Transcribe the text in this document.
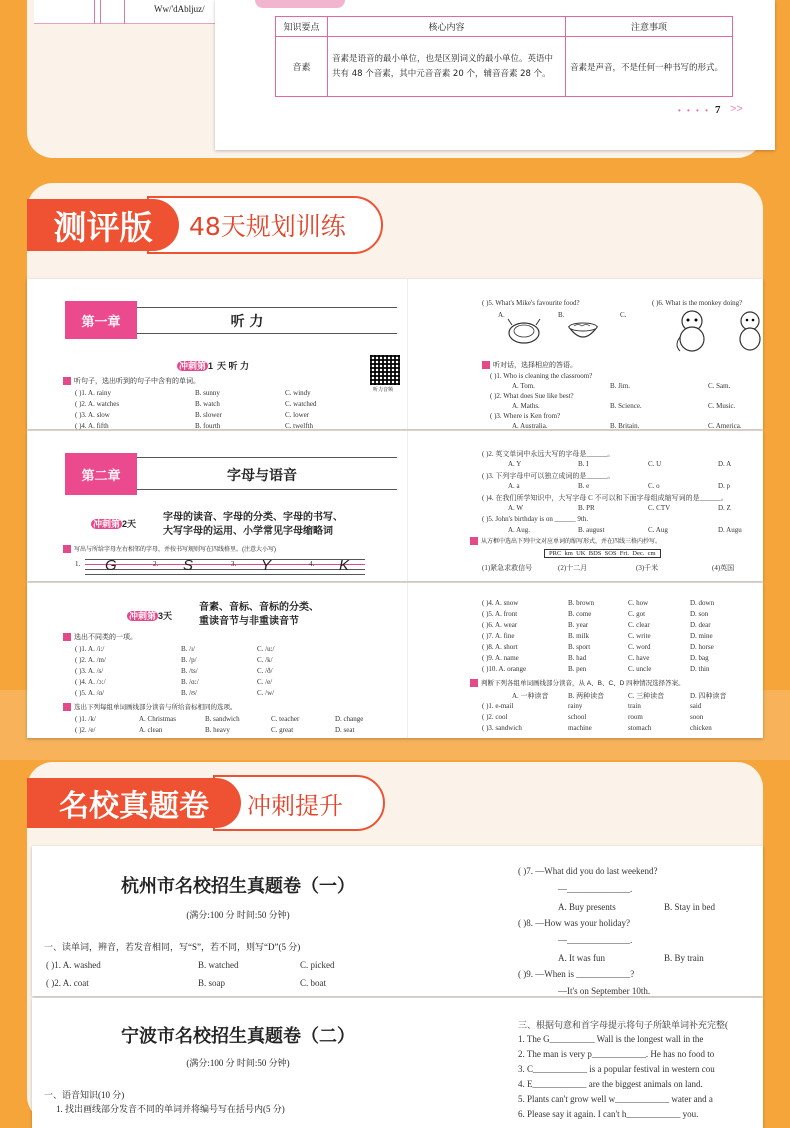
Ww/'dAbljuz/
知识要点	核心内容	注意事项
音素	音素是语音的最小单位，也是区别词义的最小单位。英语中共有 48 个音素，其中元音音素 20 个，辅音音素 28 个。	音素是声音，不是任何一种书写的形式。
• • • • 7 >>
测评版	48天规划训练
第一章	听 力
冲刺第 1 天 听 力
听力音频
听句子，选出听到的句子中含有的单词。
( )1. A. rainy	B. sunny	C. windy
( )2. A. watches	B. watch	C. watched
( )3. A. slow	B. slower	C. lower
( )4. A. fifth	B. fourth	C. twelfth
( )5. What's Mike's favourite food?	( )6. What is the monkey doing?
A.	B.	C.
听对话，选择相应的答语。
( )1. Who is cleaning the classroom?
A. Tom.	B. Jim.	C. Sam.
( )2. What does Sue like best?
A. Maths.	B. Science.	C. Music.
( )3. Where is Ken from?
A. Australia.	B. Britain.	C. America.
第二章	字母与语音
冲刺第 2天
字母的读音、字母的分类、字母的书写、
大写字母的运用、小学常见字母缩略词
写出与所给字母左右相邻的字母，并按书写规则写在四线格里。(注意大小写)
1. G	2. S	3. Y	4. K
( )2. 英文单词中永远大写的字母是______。
A. Y	B. I	C. U	D. A
( )3. 下列字母中可以独立成词的是______。
A. a	B. e	C. o	D. p
( )4. 在我们所学知识中，大写字母 C 不可以和下面字母组成缩写词的是______。
A. W	B. PR	C. CTV	D. Z
( )5. John's birthday is on ______ 9th.
A. Aug.	B. august	C. Aug	D. Augu
从方框中选出下列中文对应单词的缩写形式，并在四线三格内抄写。
PRC  km  UK  BDS  SOS  Fri.  Dec.  cm
(1)紧急求救信号	(2)十二月	(3)千米	(4)英国
冲刺第 3天
音素、音标、音标的分类、
重读音节与非重读音节
选出不同类的一项。
( )1. A. /i:/	B. /ɪ/	C. /u:/
( )2. A. /m/	B. /p/	C. /k/
( )3. A. /s/	B. /ts/	C. /ð/
( )4. A. /ɔ:/	B. /ɑ:/	C. /e/
( )5. A. /ɑ/	B. /ʊ/	C. /w/
选出下列每组单词画线部分读音与所给音标相同的选项。
( )1. /k/	A. Christmas	B. sandwich	C. teacher	D. change
( )2. /e/	A. clean	B. heavy	C. great	D. seat
( )4. A. snow	B. brown	C. how	D. down
( )5. A. front	B. come	C. got	D. son
( )6. A. wear	B. year	C. clear	D. dear
( )7. A. fine	B. milk	C. write	D. mine
( )8. A. short	B. sport	C. word	D. horse
( )9. A. name	B. had	C. have	D. bag
( )10. A. orange	B. pen	C. uncle	D. thin
判断下列各组单词画线部分读音，从 A、B、C、D 四种情况选择答案。
A. 一种读音	B. 两种读音	C. 三种读音	D. 四种读音
( )1. e-mail	rainy	train	said
( )2. cool	school	room	soon
( )3. sandwich	machine	stomach	chicken
名校真题卷	冲刺提升
杭州市名校招生真题卷（一）
(满分:100 分 时间:50 分钟)
一、读单词，辨音，若发音相同，写“S”，若不同，则写“D”(5 分)
( )1. A. washed	B. watched	C. picked
( )2. A. coat	B. soap	C. boat
( )7. —What did you do last weekend?
—______________.
A. Buy presents	B. Stay in bed
( )8. —How was your holiday?
—______________.
A. It was fun	B. By train
( )9. —When is ____________?
—It's on September 10th.
宁波市名校招生真题卷（二）
(满分:100 分 时间:50 分钟)
一、语音知识(10 分)
1. 找出画线部分发音不同的单词并将编号写在括号内(5 分)
三、根据句意和首字母提示将句子所缺单词补充完整(
1. The G__________ Wall is the longest wall in the
2. The man is very p____________. He has no food to
3. C____________ is a popular festival in western cou
4. E____________ are the biggest animals on land.
5. Plants can't grow well w____________ water and a
6. Please say it again. I can't h____________ you.
